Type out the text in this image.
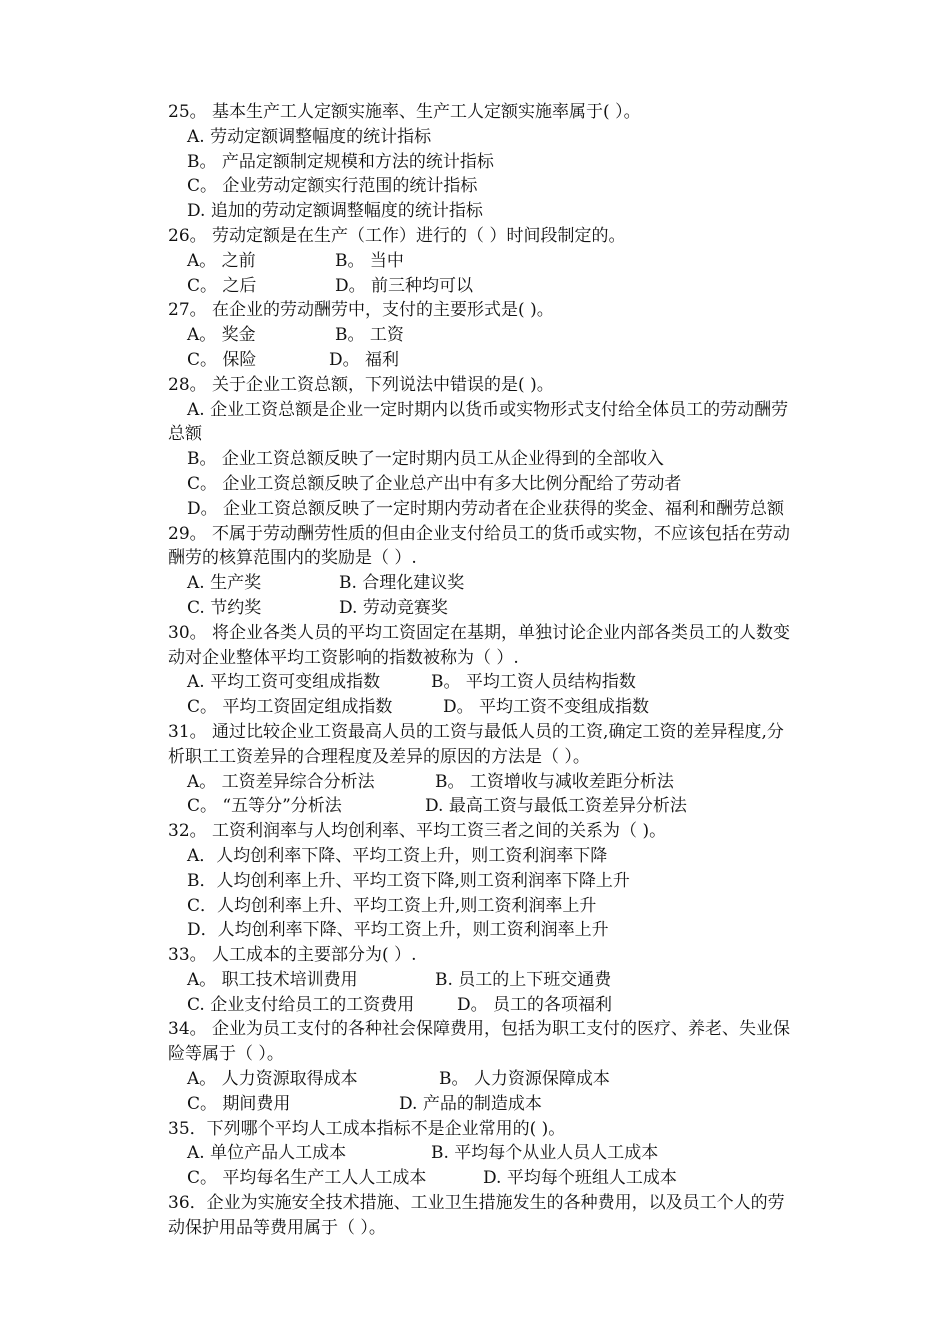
25。 基本生产工人定额实施率、生产工人定额实施率属于( ）。

A. 劳动定额调整幅度的统计指标

B。 产品定额制定规模和方法的统计指标

C。 企业劳动定额实行范围的统计指标

D. 追加的劳动定额调整幅度的统计指标

26。 劳动定额是在生产（工作）进行的（ ）时间段制定的。

A。 之前	B。 当中

C。 之后	D。 前三种均可以

27。 在企业的劳动酬劳中，支付的主要形式是( )。

A。 奖金	B。 工资

C。 保险	D。 福利

28。 关于企业工资总额，下列说法中错误的是( )。

A. 企业工资总额是企业一定时期内以货币或实物形式支付给全体员工的劳动酬劳

总额

B。 企业工资总额反映了一定时期内员工从企业得到的全部收入

C。 企业工资总额反映了企业总产出中有多大比例分配给了劳动者

D。 企业工资总额反映了一定时期内劳动者在企业获得的奖金、福利和酬劳总额

29。 不属于劳动酬劳性质的但由企业支付给员工的货币或实物，不应该包括在劳动

酬劳的核算范围内的奖励是（ ）.

A. 生产奖	B. 合理化建议奖

C. 节约奖	D. 劳动竞赛奖

30。 将企业各类人员的平均工资固定在基期，单独讨论企业内部各类员工的人数变

动对企业整体平均工资影响的指数被称为（ ）.

A. 平均工资可变组成指数	B。 平均工资人员结构指数

C。 平均工资固定组成指数	D。 平均工资不变组成指数

31。 通过比较企业工资最高人员的工资与最低人员的工资,确定工资的差异程度,分

析职工工资差异的合理程度及差异的原因的方法是（ ）。

A。 工资差异综合分析法	B。 工资增收与减收差距分析法

C。 “五等分”分析法	D. 最高工资与最低工资差异分析法

32。 工资利润率与人均创利率、平均工资三者之间的关系为（ )。

A．人均创利率下降、平均工资上升，则工资利润率下降

B．人均创利率上升、平均工资下降,则工资利润率下降上升

C．人均创利率上升、平均工资上升,则工资利润率上升

D．人均创利率下降、平均工资上升，则工资利润率上升

33。 人工成本的主要部分为( ）.

A。 职工技术培训费用	B. 员工的上下班交通费

C. 企业支付给员工的工资费用	D。 员工的各项福利

34。 企业为员工支付的各种社会保障费用，包括为职工支付的医疗、养老、失业保

险等属于（ ）。

A。 人力资源取得成本	B。 人力资源保障成本

C。 期间费用	D. 产品的制造成本

35．下列哪个平均人工成本指标不是企业常用的( )。

A. 单位产品人工成本	B. 平均每个从业人员人工成本

C。 平均每名生产工人人工成本	D. 平均每个班组人工成本

36．企业为实施安全技术措施、工业卫生措施发生的各种费用，以及员工个人的劳

动保护用品等费用属于（ ）。
